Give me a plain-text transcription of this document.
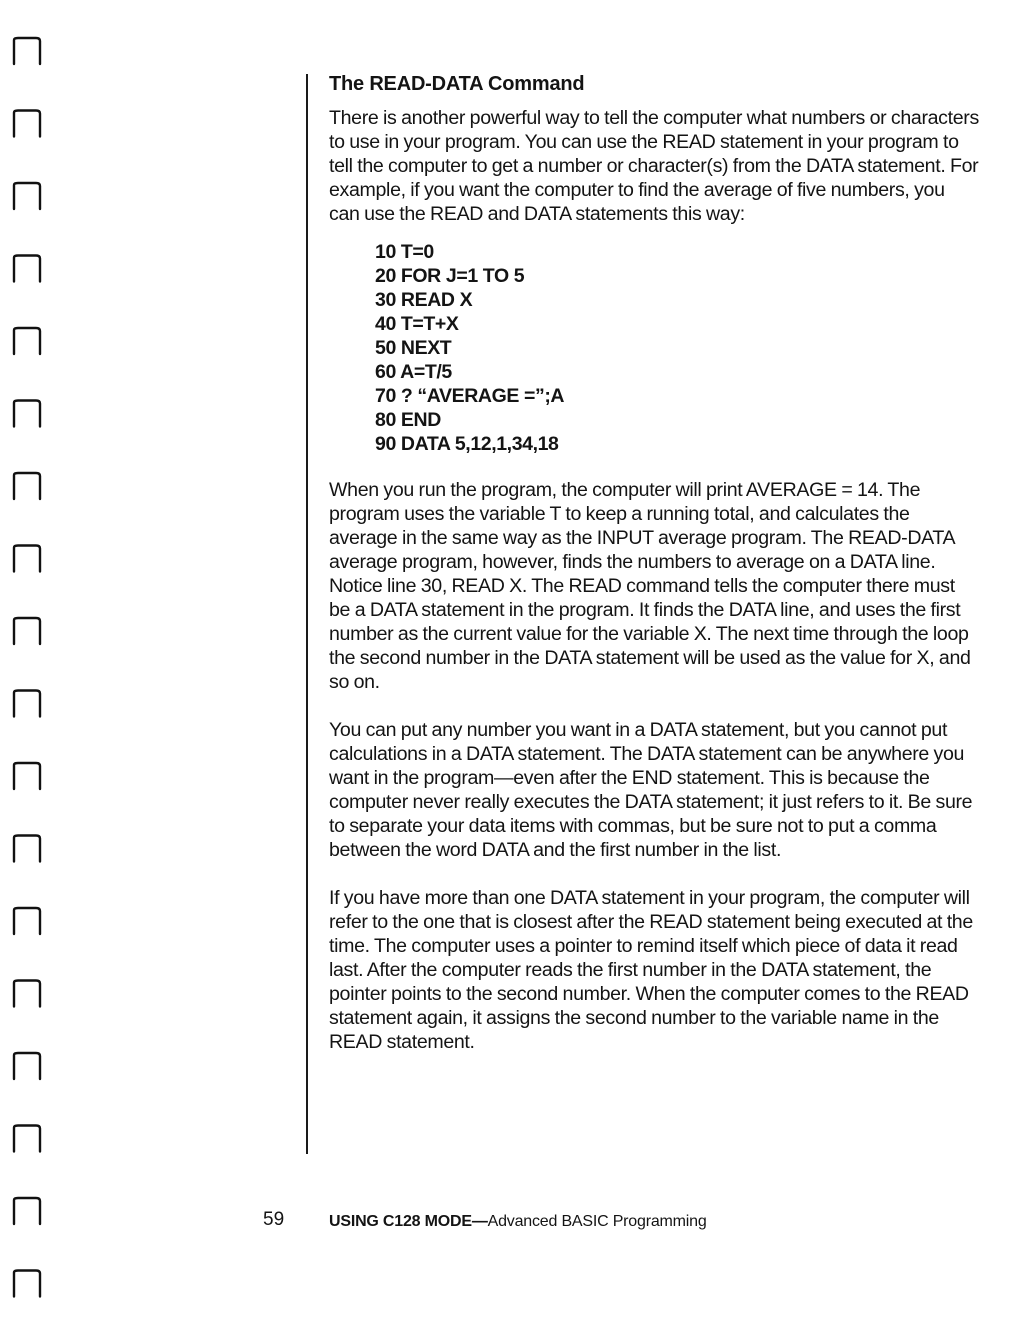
The READ-DATA Command

There is another powerful way to tell the computer what numbers or characters to use in your program. You can use the READ statement in your program to tell the computer to get a number or character(s) from the DATA statement. For example, if you want the computer to find the average of five numbers, you can use the READ and DATA statements this way:

10 T=0
20 FOR J=1 TO 5
30 READ X
40 T=T+X
50 NEXT
60 A=T/5
70 ? “AVERAGE =”;A
80 END
90 DATA 5,12,1,34,18

When you run the program, the computer will print AVERAGE = 14. The program uses the variable T to keep a running total, and calculates the average in the same way as the INPUT average program. The READ-DATA average program, however, finds the numbers to average on a DATA line. Notice line 30, READ X. The READ command tells the computer there must be a DATA statement in the program. It finds the DATA line, and uses the first number as the current value for the variable X. The next time through the loop the second number in the DATA statement will be used as the value for X, and so on.

You can put any number you want in a DATA statement, but you cannot put calculations in a DATA statement. The DATA statement can be anywhere you want in the program—even after the END statement. This is because the computer never really executes the DATA statement; it just refers to it. Be sure to separate your data items with commas, but be sure not to put a comma between the word DATA and the first number in the list.

If you have more than one DATA statement in your program, the computer will refer to the one that is closest after the READ statement being executed at the time. The computer uses a pointer to remind itself which piece of data it read last. After the computer reads the first number in the DATA statement, the pointer points to the second number. When the computer comes to the READ statement again, it assigns the second number to the variable name in the READ statement.

59	USING C128 MODE—Advanced BASIC Programming
